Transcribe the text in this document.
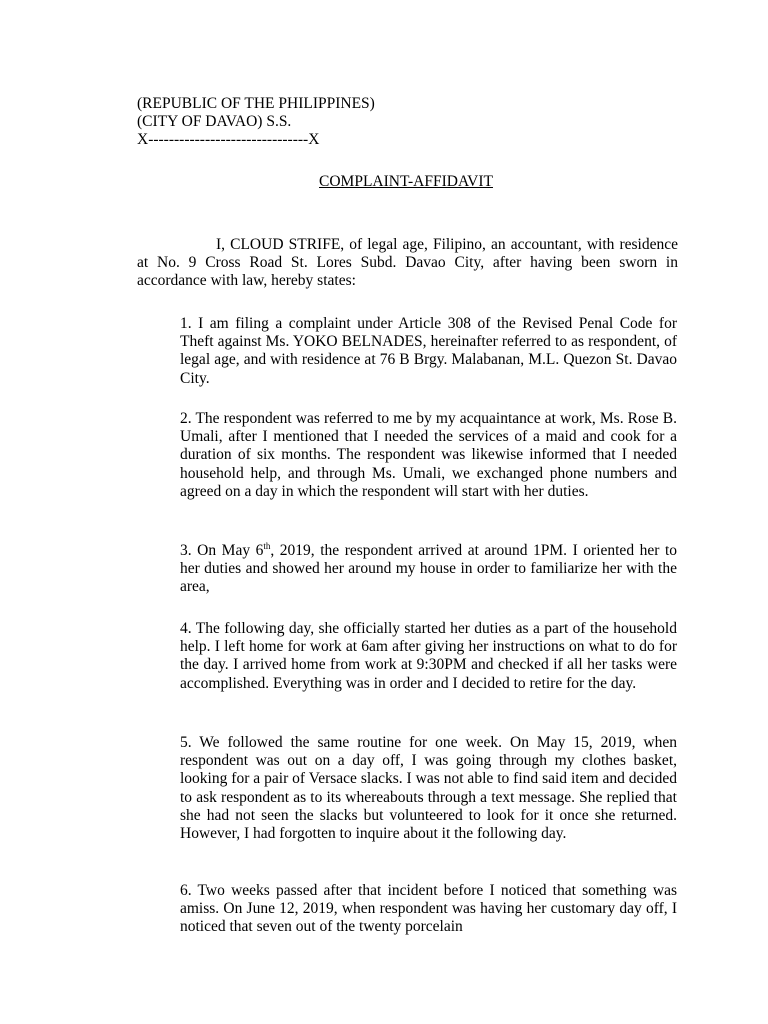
(REPUBLIC OF THE PHILIPPINES)
(CITY OF DAVAO) S.S.
X-------------------------------X
COMPLAINT-AFFIDAVIT

I, CLOUD STRIFE, of legal age, Filipino, an accountant, with residence at No. 9 Cross Road St. Lores Subd. Davao City, after having been sworn in accordance with law, hereby states:

1. I am filing a complaint under Article 308 of the Revised Penal Code for Theft against Ms. YOKO BELNADES, hereinafter referred to as respondent, of legal age, and with residence at 76 B Brgy. Malabanan, M.L. Quezon St. Davao City.

2. The respondent was referred to me by my acquaintance at work, Ms. Rose B. Umali, after I mentioned that I needed the services of a maid and cook for a duration of six months. The respondent was likewise informed that I needed household help, and through Ms. Umali, we exchanged phone numbers and agreed on a day in which the respondent will start with her duties.

3. On May 6th, 2019, the respondent arrived at around 1PM. I oriented her to her duties and showed her around my house in order to familiarize her with the area,

4. The following day, she officially started her duties as a part of the household help. I left home for work at 6am after giving her instructions on what to do for the day. I arrived home from work at 9:30PM and checked if all her tasks were accomplished. Everything was in order and I decided to retire for the day.

5. We followed the same routine for one week. On May 15, 2019, when respondent was out on a day off, I was going through my clothes basket, looking for a pair of Versace slacks. I was not able to find said item and decided to ask respondent as to its whereabouts through a text message. She replied that she had not seen the slacks but volunteered to look for it once she returned. However, I had forgotten to inquire about it the following day.

6. Two weeks passed after that incident before I noticed that something was amiss. On June 12, 2019, when respondent was having her customary day off, I noticed that seven out of the twenty porcelain
